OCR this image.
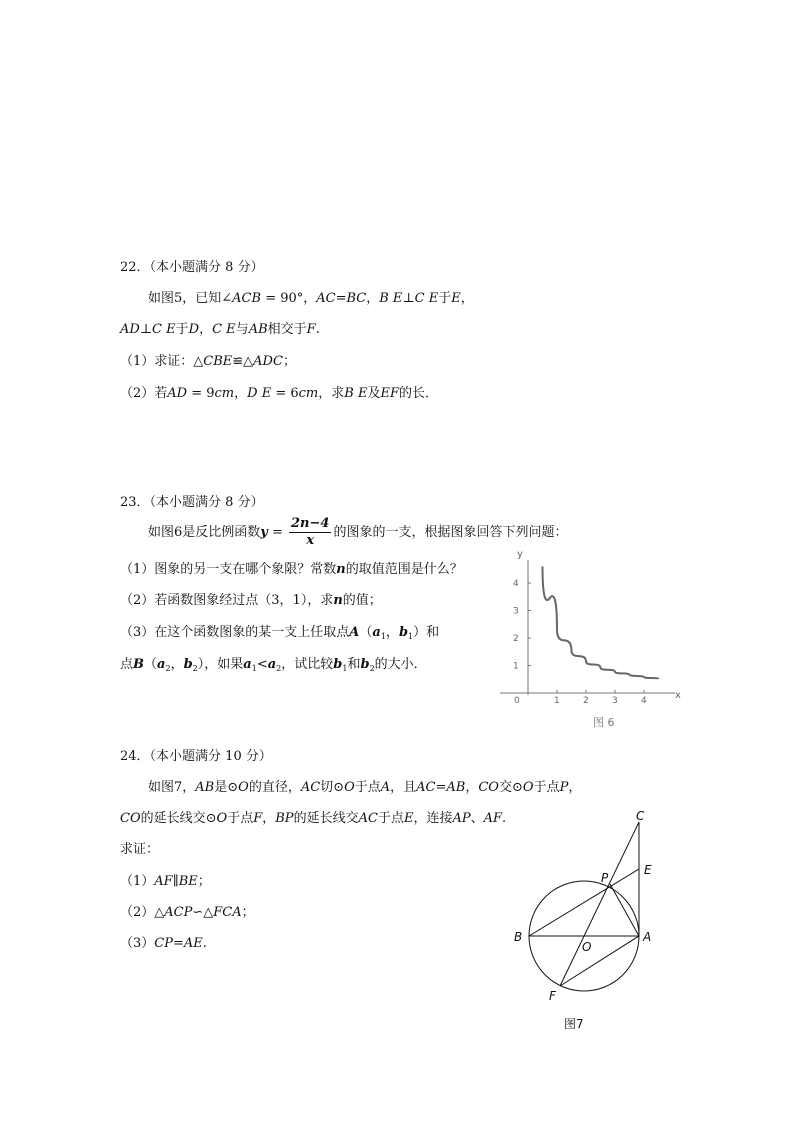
22．（本小题满分 8 分）
如图5，已知∠ACB = 90°，AC=BC，B E⊥C E于E，
AD⊥C E于D，C E与AB相交于F.
（1）求证：△CBE≌△ADC；
（2）若AD = 9cm，D E = 6cm，求B E及EF的长．
23．（本小题满分 8 分）
如图6是反比例函数$y = \frac{2n-4}{x}$ 的图象的一支，根据图象回答下列问题：
（1）图象的另一支在哪个象限？常数n的取值范围是什么？
（2）若函数图象经过点（3，1），求n的值；
（3）在这个函数图象的某一支上任取点$A(a_1$，$b_1$）和
点$B(a_2$，$b_2$），如果$a_1<a_2$，试比较$b_1$和$b_2$的大小．
x
y
0	1	2	3	4
1
2
3
4
图 6
24．（本小题满分 10 分）
如图7，AB是⊙O的直径，AC切⊙O于点A，且AC=AB，CO交⊙O于点P，
CO的延长线交⊙O于点F，BP的延长线交AC于点E，连接AP、AF.
求证：
（1）AF∥BE；
（2）△ACP∽△FCA；
（3）CP=AE.
C
E
P
B
O
A
F
图7
